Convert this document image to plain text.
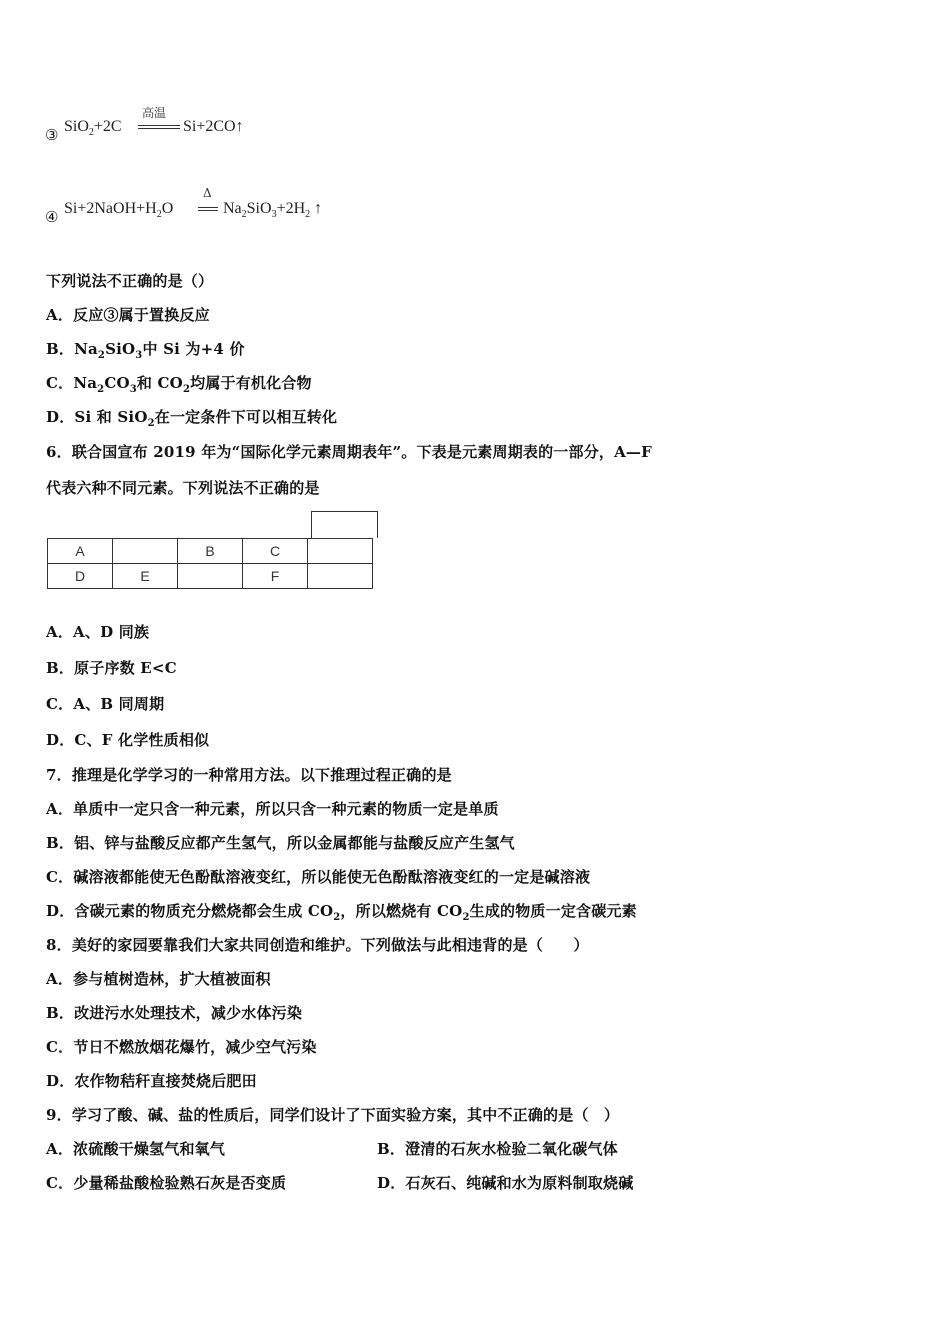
③ SiO$_2$+2C
高温
Si+2CO↑
④ $Si+2NaOH+H_2O$
Δ
$Na_2SiO_3+2H_2$ ↑
下列说法不正确的是（）
A．反应③属于置换反应
B．$Na_2SiO_3$中 Si 为+4 价
C．$Na_2CO_3$和 $CO_2$均属于有机化合物
D．Si 和 SiO$_2$在一定条件下可以相互转化
6．联合国宣布 2019 年为“国际化学元素周期表年”。下表是元素周期表的一部分，A—F
代表六种不同元素。下列说法不正确的是
A		B	C	
D	E		F	
A．A、D 同族
B．原子序数 E<C
C．A、B 同周期
D．C、F 化学性质相似
7．推理是化学学习的一种常用方法。以下推理过程正确的是
A．单质中一定只含一种元素，所以只含一种元素的物质一定是单质
B．铝、锌与盐酸反应都产生氢气，所以金属都能与盐酸反应产生氢气
C．碱溶液都能使无色酚酞溶液变红，所以能使无色酚酞溶液变红的一定是碱溶液
D．含碳元素的物质充分燃烧都会生成 $CO_2$，所以燃烧有 $CO_2$生成的物质一定含碳元素
8．美好的家园要靠我们大家共同创造和维护。下列做法与此相违背的是（　　）
A．参与植树造林，扩大植被面积
B．改进污水处理技术，减少水体污染
C．节日不燃放烟花爆竹，减少空气污染
D．农作物秸秆直接焚烧后肥田
9．学习了酸、碱、盐的性质后，同学们设计了下面实验方案，其中不正确的是（　）
A．浓硫酸干燥氢气和氧气	B．澄清的石灰水检验二氧化碳气体
C．少量稀盐酸检验熟石灰是否变质	D．石灰石、纯碱和水为原料制取烧碱
